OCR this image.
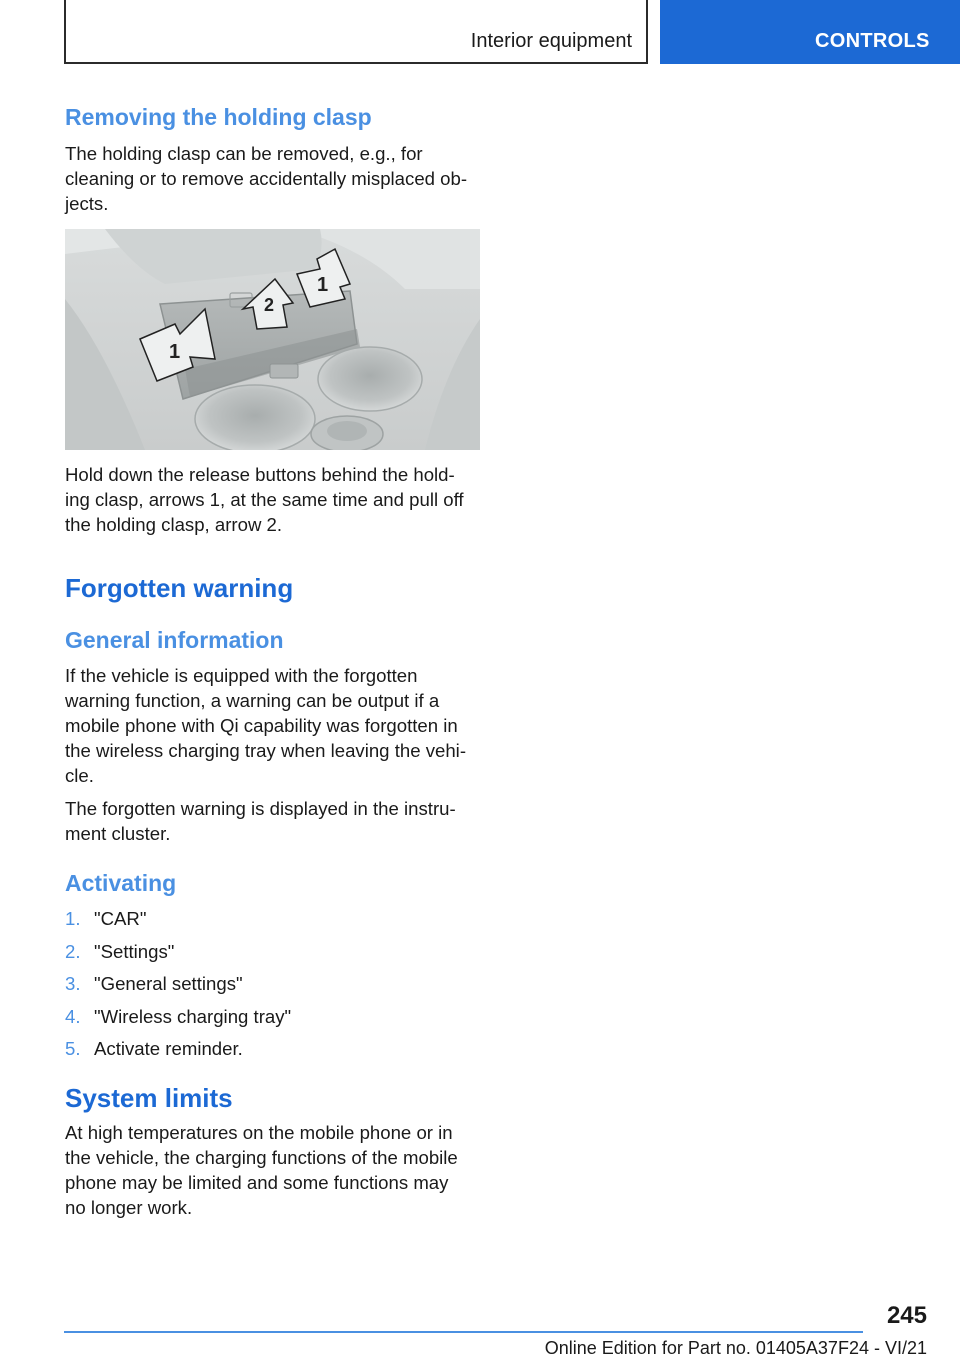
Interior equipment	CONTROLS
Removing the holding clasp

The holding clasp can be removed, e.g., for

cleaning or to remove accidentally misplaced ob-

jects.

1
2
1

Hold down the release buttons behind the hold-

ing clasp, arrows 1, at the same time and pull off

the holding clasp, arrow 2.

Forgotten warning
General information

If the vehicle is equipped with the forgotten

warning function, a warning can be output if a

mobile phone with Qi capability was forgotten in

the wireless charging tray when leaving the vehi-

cle.

The forgotten warning is displayed in the instru-

ment cluster.

Activating
1. "CAR"
2. "Settings"
3. "General settings"
4. "Wireless charging tray"
5. Activate reminder.
System limits

At high temperatures on the mobile phone or in

the vehicle, the charging functions of the mobile

phone may be limited and some functions may

no longer work.

245
Online Edition for Part no. 01405A37F24 - VI/21
